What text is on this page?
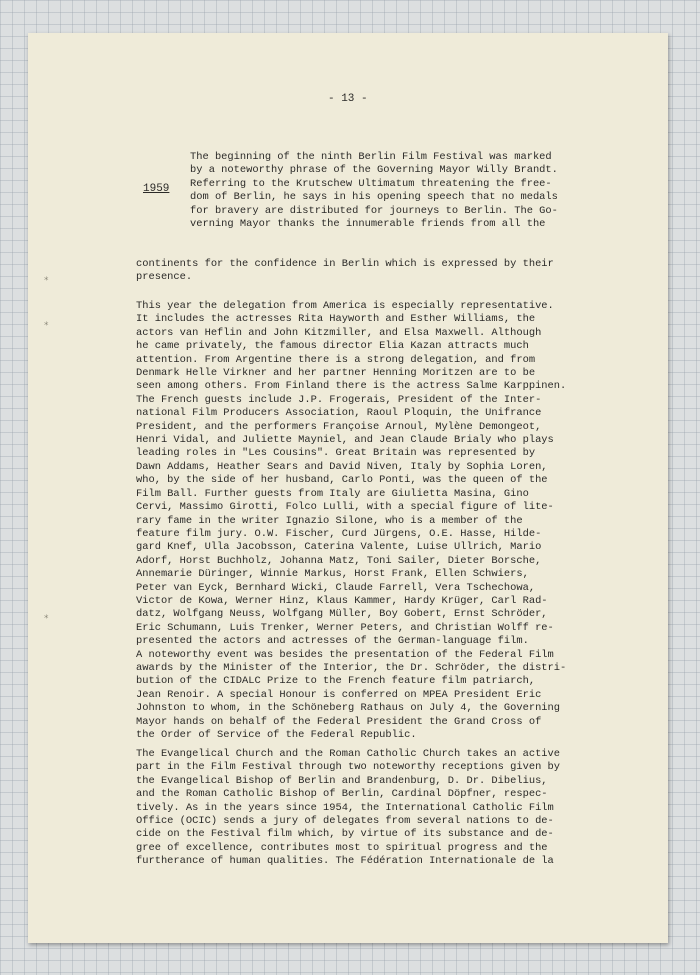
- 13 -
1959
⁎
⁎
⁎
The beginning of the ninth Berlin Film Festival was marked
by a noteworthy phrase of the Governing Mayor Willy Brandt.
Referring to the Krutschew Ultimatum threatening the free-
dom of Berlin, he says in his opening speech that no medals
for bravery are distributed for journeys to Berlin. The Go-
verning Mayor thanks the innumerable friends from all the
continents for the confidence in Berlin which is expressed by their
presence.
This year the delegation from America is especially representative.
It includes the actresses Rita Hayworth and Esther Williams, the
actors van Heflin and John Kitzmiller, and Elsa Maxwell. Although
he came privately, the famous director Elia Kazan attracts much
attention. From Argentine there is a strong delegation, and from
Denmark Helle Virkner and her partner Henning Moritzen are to be
seen among others. From Finland there is the actress Salme Karppinen.
The French guests include J.P. Frogerais, President of the Inter-
national Film Producers Association, Raoul Ploquin, the Unifrance
President, and the performers Françoise Arnoul, Mylène Demongeot,
Henri Vidal, and Juliette Mayniel, and Jean Claude Brialy who plays
leading roles in "Les Cousins". Great Britain was represented by
Dawn Addams, Heather Sears and David Niven, Italy by Sophia Loren,
who, by the side of her husband, Carlo Ponti, was the queen of the
Film Ball. Further guests from Italy are Giulietta Masina, Gino
Cervi, Massimo Girotti, Folco Lulli, with a special figure of lite-
rary fame in the writer Ignazio Silone, who is a member of the
feature film jury. O.W. Fischer, Curd Jürgens, O.E. Hasse, Hilde-
gard Knef, Ulla Jacobsson, Caterina Valente, Luise Ullrich, Mario
Adorf, Horst Buchholz, Johanna Matz, Toni Sailer, Dieter Borsche,
Annemarie Düringer, Winnie Markus, Horst Frank, Ellen Schwiers,
Peter van Eyck, Bernhard Wicki, Claude Farrell, Vera Tschechowa,
Victor de Kowa, Werner Hinz, Klaus Kammer, Hardy Krüger, Carl Rad-
datz, Wolfgang Neuss, Wolfgang Müller, Boy Gobert, Ernst Schröder,
Eric Schumann, Luis Trenker, Werner Peters, and Christian Wolff re-
presented the actors and actresses of the German-language film.
A noteworthy event was besides the presentation of the Federal Film
awards by the Minister of the Interior, the Dr. Schröder, the distri-
bution of the CIDALC Prize to the French feature film patriarch,
Jean Renoir. A special Honour is conferred on MPEA President Eric
Johnston to whom, in the Schöneberg Rathaus on July 4, the Governing
Mayor hands on behalf of the Federal President the Grand Cross of
the Order of Service of the Federal Republic.
The Evangelical Church and the Roman Catholic Church takes an active
part in the Film Festival through two noteworthy receptions given by
the Evangelical Bishop of Berlin and Brandenburg, D. Dr. Dibelius,
and the Roman Catholic Bishop of Berlin, Cardinal Döpfner, respec-
tively. As in the years since 1954, the International Catholic Film
Office (OCIC) sends a jury of delegates from several nations to de-
cide on the Festival film which, by virtue of its substance and de-
gree of excellence, contributes most to spiritual progress and the
furtherance of human qualities. The Fédération Internationale de la
